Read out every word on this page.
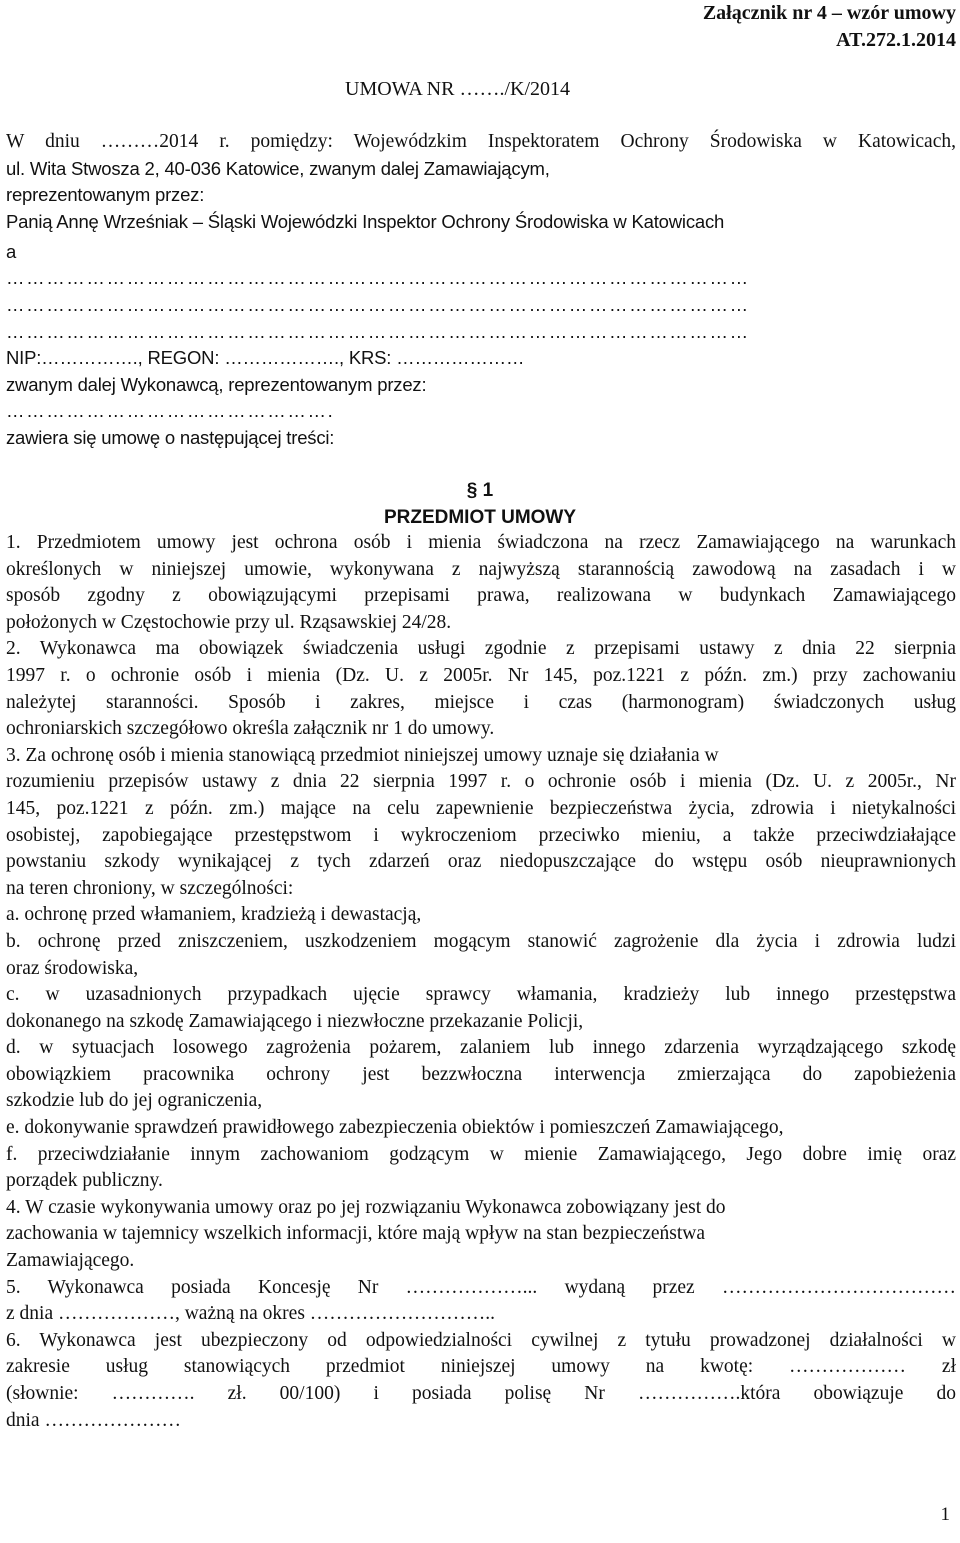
Załącznik nr 4 – wzór umowy
AT.272.1.2014
UMOWA NR ……./K/2014
W dniu ………2014 r. pomiędzy: Wojewódzkim Inspektoratem Ochrony Środowiska w Katowicach,
ul. Wita Stwosza 2, 40-036 Katowice, zwanym dalej Zamawiającym,
reprezentowanym przez:
Panią Annę Wrześniak – Śląski Wojewódzki Inspektor Ochrony Środowiska w Katowicach
a
…………………………………………………………………………………………………
…………………………………………………………………………………………………
…………………………………………………………………………………………………
NIP:……………., REGON: ………………., KRS: …………………
zwanym dalej Wykonawcą, reprezentowanym przez:
………………………………………….
zawiera się umowę o następującej treści:
§ 1
PRZEDMIOT UMOWY
1. Przedmiotem umowy jest ochrona osób i mienia świadczona na rzecz Zamawiającego na warunkach
określonych w niniejszej umowie, wykonywana z najwyższą starannością zawodową na zasadach i w
sposób zgodny z obowiązującymi przepisami prawa, realizowana w budynkach Zamawiającego
położonych w Częstochowie przy ul. Rząsawskiej 24/28.
2. Wykonawca ma obowiązek świadczenia usługi zgodnie z przepisami ustawy z dnia 22 sierpnia
1997 r. o ochronie osób i mienia (Dz. U. z 2005r. Nr 145, poz.1221 z późn. zm.) przy zachowaniu
należytej staranności. Sposób i zakres, miejsce i czas (harmonogram) świadczonych usług
ochroniarskich szczegółowo określa załącznik nr 1 do umowy.
3. Za ochronę osób i mienia stanowiącą przedmiot niniejszej umowy uznaje się działania w
rozumieniu przepisów ustawy z dnia 22 sierpnia 1997 r. o ochronie osób i mienia (Dz. U. z 2005r., Nr
145, poz.1221 z późn. zm.) mające na celu zapewnienie bezpieczeństwa życia, zdrowia i nietykalności
osobistej, zapobiegające przestępstwom i wykroczeniom przeciwko mieniu, a także przeciwdziałające
powstaniu szkody wynikającej z tych zdarzeń oraz niedopuszczające do wstępu osób nieuprawnionych
na teren chroniony, w szczególności:
a. ochronę przed włamaniem, kradzieżą i dewastacją,
b. ochronę przed zniszczeniem, uszkodzeniem mogącym stanowić zagrożenie dla życia i zdrowia ludzi
oraz środowiska,
c. w uzasadnionych przypadkach ujęcie sprawcy włamania, kradzieży lub innego przestępstwa
dokonanego na szkodę Zamawiającego i niezwłoczne przekazanie Policji,
d. w sytuacjach losowego zagrożenia pożarem, zalaniem lub innego zdarzenia wyrządzającego szkodę
obowiązkiem pracownika ochrony jest bezzwłoczna interwencja zmierzająca do zapobieżenia
szkodzie lub do jej ograniczenia,
e. dokonywanie sprawdzeń prawidłowego zabezpieczenia obiektów i pomieszczeń Zamawiającego,
f. przeciwdziałanie innym zachowaniom godzącym w mienie Zamawiającego, Jego dobre imię oraz
porządek publiczny.
4. W czasie wykonywania umowy oraz po jej rozwiązaniu Wykonawca zobowiązany jest do
zachowania w tajemnicy wszelkich informacji, które mają wpływ na stan bezpieczeństwa
Zamawiającego.
5. Wykonawca posiada Koncesję Nr ………………... wydaną przez ………………………………
z dnia ………………, ważną na okres ………………………..
6. Wykonawca jest ubezpieczony od odpowiedzialności cywilnej z tytułu prowadzonej działalności w
zakresie usług stanowiących przedmiot niniejszej umowy na kwotę: ……………… zł
(słownie: …………. zł. 00/100) i posiada polisę Nr …………….która obowiązuje do
dnia …………………
1
